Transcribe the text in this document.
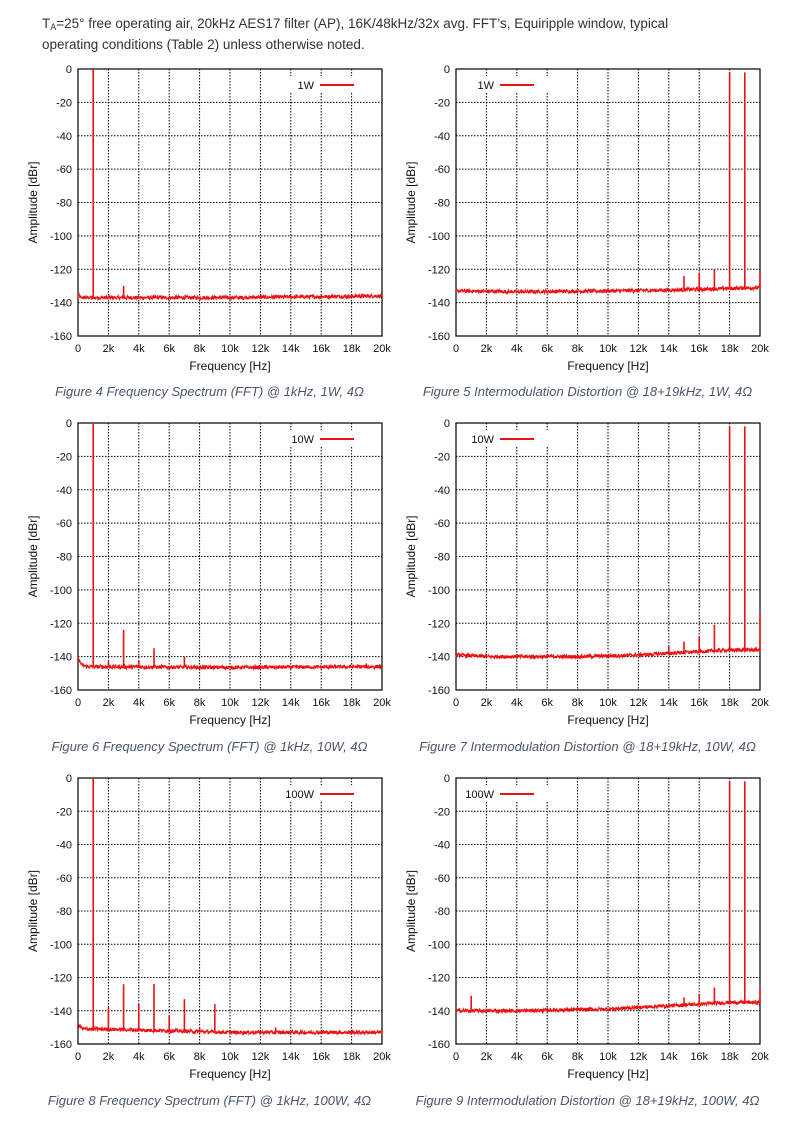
TA=25° free operating air, 20kHz AES17 filter (AP), 16K/48kHz/32x avg. FFT’s, Equiripple window, typical
operating conditions (Table 2) unless otherwise noted.
0 2k 4k 6k 8k 10k 12k 14k 16k 18k 20k
0
-20
-40
-60
-80
-100
-120
-140
-160
Frequency [Hz]
Amplitude [dBr]
1W
0 2k 4k 6k 8k 10k 12k 14k 16k 18k 20k
0
-20
-40
-60
-80
-100
-120
-140
-160
Frequency [Hz]
Amplitude [dBr]
1W
0 2k 4k 6k 8k 10k 12k 14k 16k 18k 20k
0
-20
-40
-60
-80
-100
-120
-140
-160
Frequency [Hz]
Amplitude [dBr]
10W
0 2k 4k 6k 8k 10k 12k 14k 16k 18k 20k
0
-20
-40
-60
-80
-100
-120
-140
-160
Frequency [Hz]
Amplitude [dBr]
10W
0 2k 4k 6k 8k 10k 12k 14k 16k 18k 20k
0
-20
-40
-60
-80
-100
-120
-140
-160
Frequency [Hz]
Amplitude [dBr]
100W
0 2k 4k 6k 8k 10k 12k 14k 16k 18k 20k
0
-20
-40
-60
-80
-100
-120
-140
-160
Frequency [Hz]
Amplitude [dBr]
100W
Figure 4 Frequency Spectrum (FFT) @ 1kHz, 1W, 4Ω	Figure 5 Intermodulation Distortion @ 18+19kHz, 1W, 4Ω
Figure 6 Frequency Spectrum (FFT) @ 1kHz, 10W, 4Ω	Figure 7 Intermodulation Distortion @ 18+19kHz, 10W, 4Ω
Figure 8 Frequency Spectrum (FFT) @ 1kHz, 100W, 4Ω	Figure 9 Intermodulation Distortion @ 18+19kHz, 100W, 4Ω
